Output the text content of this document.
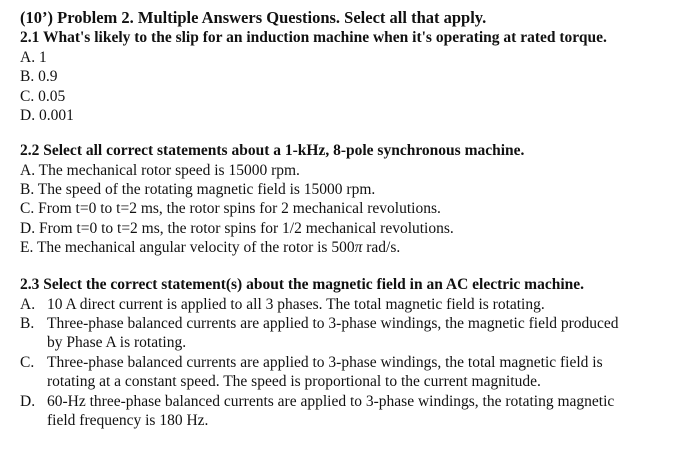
(10’) Problem 2. Multiple Answers Questions. Select all that apply.
2.1 What's likely to the slip for an induction machine when it's operating at rated torque.
A. 1
B. 0.9
C. 0.05
D. 0.001
2.2 Select all correct statements about a 1-kHz, 8-pole synchronous machine.
A. The mechanical rotor speed is 15000 rpm.
B. The speed of the rotating magnetic field is 15000 rpm.
C. From t=0 to t=2 ms, the rotor spins for 2 mechanical revolutions.
D. From t=0 to t=2 ms, the rotor spins for 1/2 mechanical revolutions.
E. The mechanical angular velocity of the rotor is 500π rad/s.
2.3 Select the correct statement(s) about the magnetic field in an AC electric machine.
A. 10 A direct current is applied to all 3 phases. The total magnetic field is rotating.
B. Three-phase balanced currents are applied to 3-phase windings, the magnetic field produced
by Phase A is rotating.
C. Three-phase balanced currents are applied to 3-phase windings, the total magnetic field is
rotating at a constant speed. The speed is proportional to the current magnitude.
D. 60-Hz three-phase balanced currents are applied to 3-phase windings, the rotating magnetic
field frequency is 180 Hz.
